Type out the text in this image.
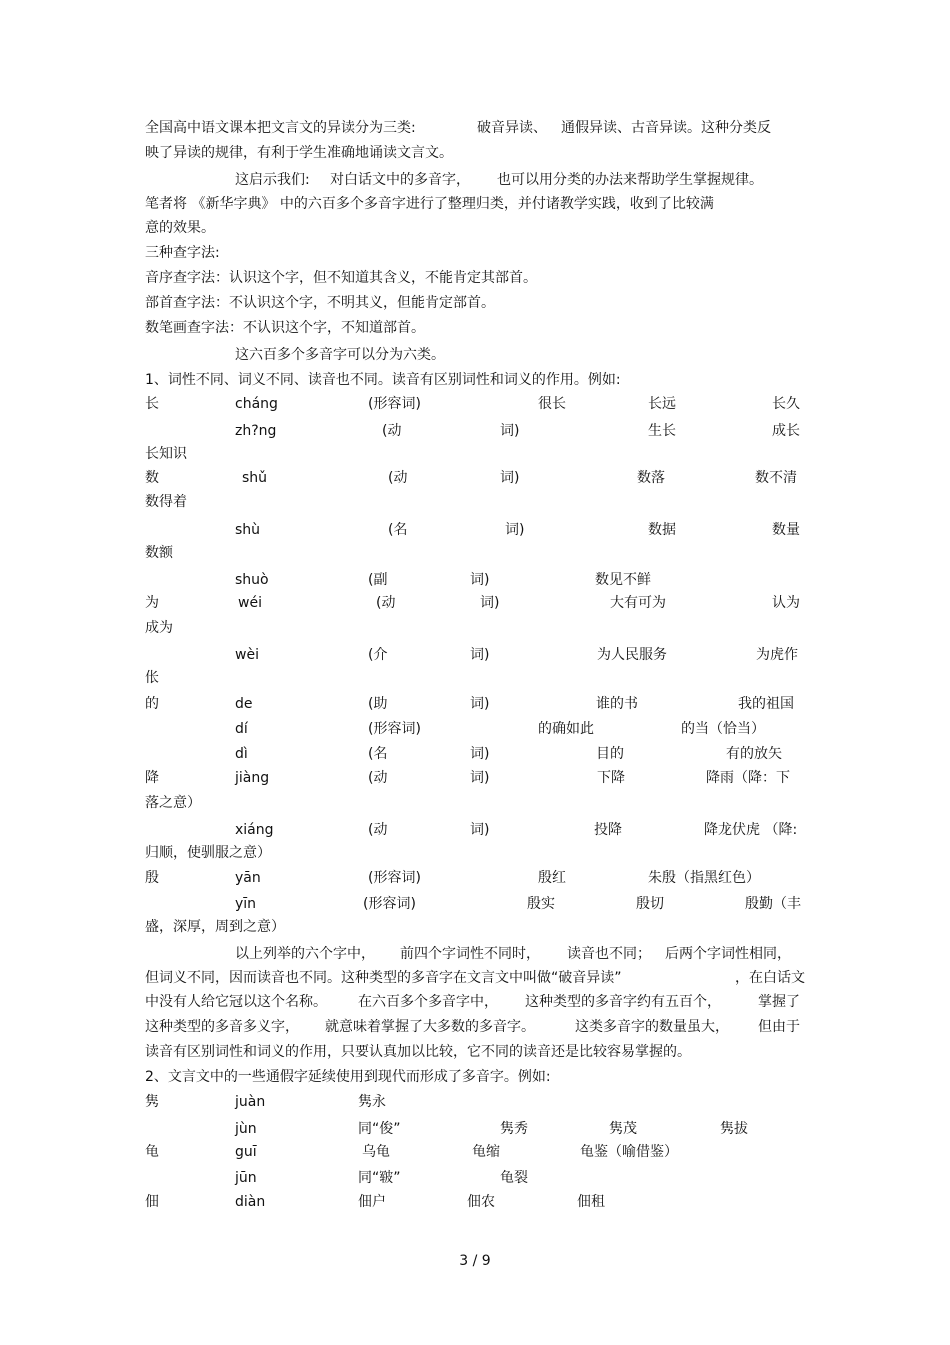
全国高中语文课本把文言文的异读分为三类:	破音异读、 通假异读、古音异读。这种分类反
映了异读的规律，有利于学生准确地诵读文言文。
这启示我们: 对白话文中的多音字， 也可以用分类的办法来帮助学生掌握规律。
笔者将 《新华字典》 中的六百多个多音字进行了整理归类，并付诸教学实践，收到了比较满
意的效果。
三种查字法:
音序查字法：认识这个字，但不知道其含义，不能肯定其部首。
部首查字法：不认识这个字，不明其义，但能肯定部首。
数笔画查字法：不认识这个字，不知道部首。
这六百多个多音字可以分为六类。
1、词性不同、词义不同、读音也不同。读音有区别词性和词义的作用。例如:
长	cháng	(形容词)	很长	长远	长久
zh?ng	(动	词)	生长	成长
长知识
数	shǔ	(动	词)	数落	数不清
数得着
shù	(名	词)	数据	数量
数额
shuò	(副	词)	数见不鲜
为	wéi	(动	词)	大有可为	认为
成为
wèi	(介	词)	为人民服务	为虎作
伥
的	de	(助	词)	谁的书	我的祖国
dí	(形容词)	的确如此	的当（恰当）
dì	(名	词)	目的	有的放矢
降	jiàng	(动	词)	下降	降雨（降：下
落之意）
xiáng	(动	词)	投降	降龙伏虎 （降:
归顺，使驯服之意）
殷	yān	(形容词)	殷红	朱殷（指黑红色）
yīn	(形容词)	殷实	殷切	殷勤（丰
盛，深厚，周到之意）
以上列举的六个字中， 前四个字词性不同时， 读音也不同； 后两个字词性相同，
但词义不同，因而读音也不同。这种类型的多音字在文言文中叫做“破音异读”	，在白话文
中没有人给它冠以这个名称。 在六百多个多音字中， 这种类型的多音字约有五百个，	掌握了
这种类型的多音多义字， 就意味着掌握了大多数的多音字。	这类多音字的数量虽大， 但由于
读音有区别词性和词义的作用，只要认真加以比较，它不同的读音还是比较容易掌握的。
2、文言文中的一些通假字延续使用到现代而形成了多音字。例如:
隽	juàn	隽永
jùn	同“俊”	隽秀	隽茂	隽拔
龟	guī	乌龟	龟缩	龟鉴（喻借鉴）
jūn	同“皲”	龟裂
佃	diàn	佃户	佃农	佃租
3 / 9
